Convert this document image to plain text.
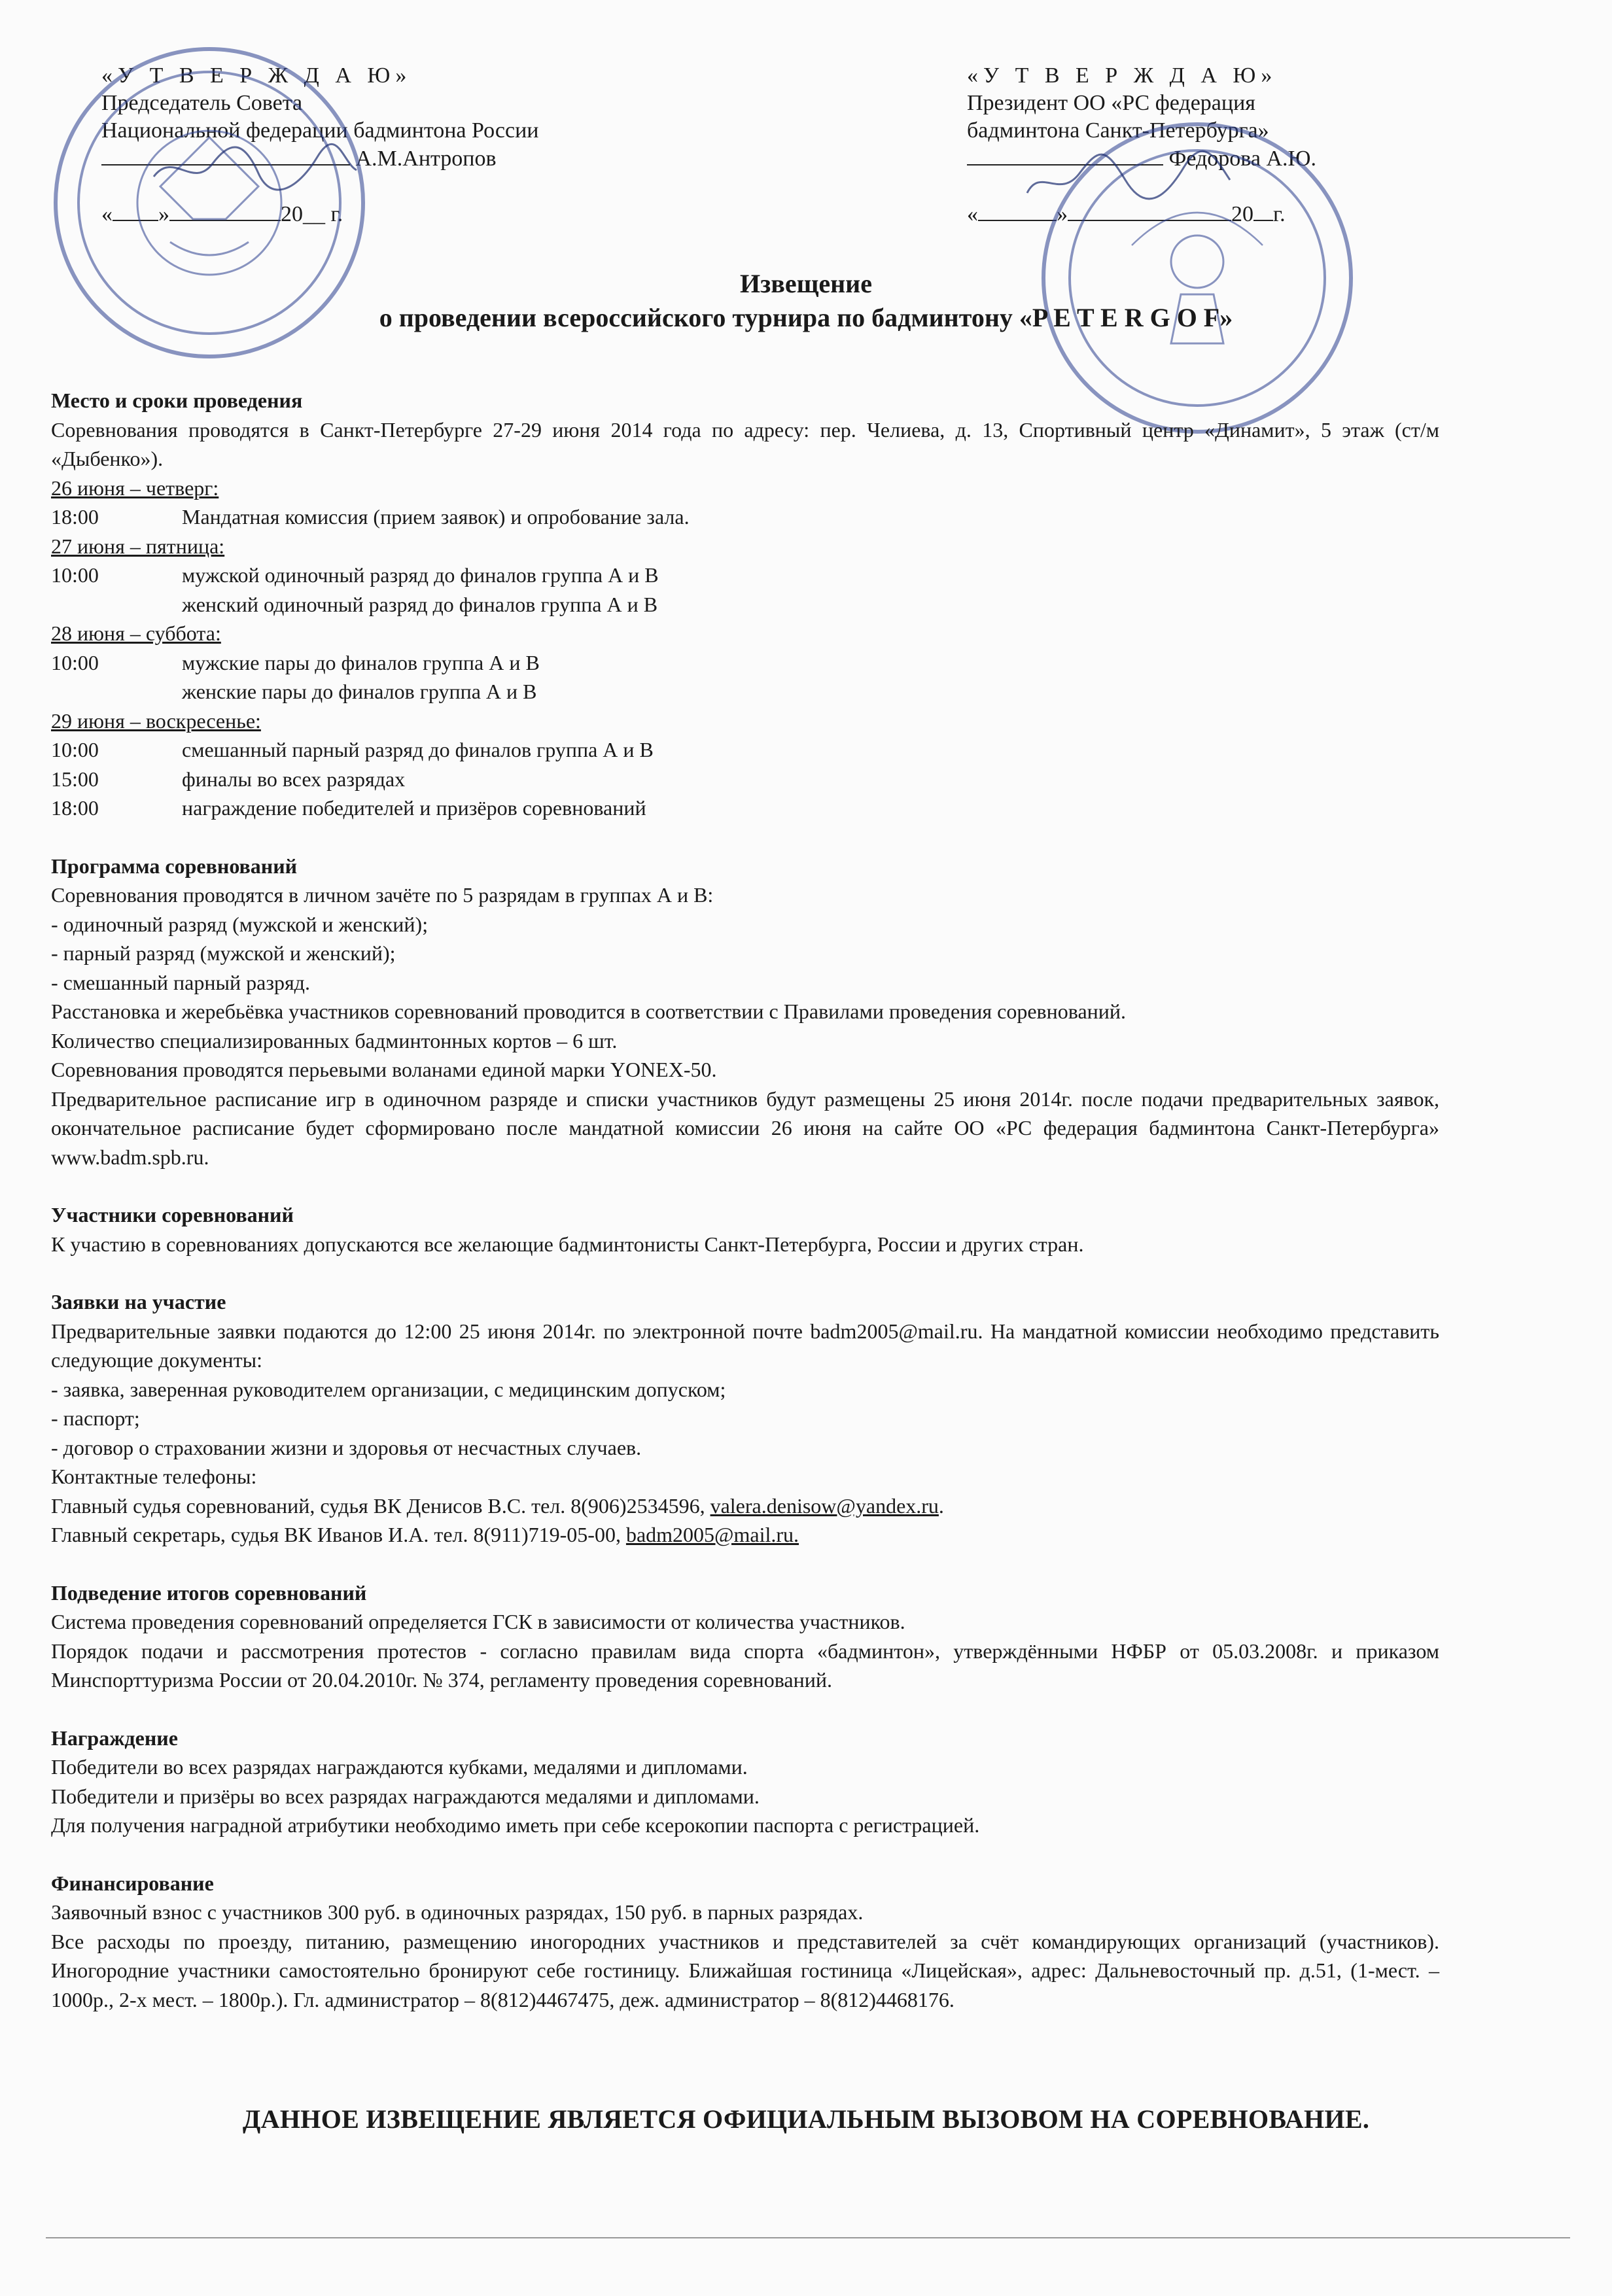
«У Т В Е Р Ж Д А Ю»
Председатель Совета
Национальной федерации бадминтона России
А.М.Антропов
« »	20__ г.
«У Т В Е Р Ж Д А Ю»
Президент ОО «РС федерация
бадминтона Санкт-Петербурга»
Федорова А.Ю.
«	»	20 г.
Извещение
о проведении всероссийского турнира по бадминтону «P E T E R G O F»

Место и сроки проведения

Соревнования проводятся в Санкт-Петербурге 27-29 июня 2014 года по адресу: пер. Челиева, д. 13, Спортивный центр «Динамит», 5 этаж (ст/м «Дыбенко»).

26 июня – четверг:

18:00	Мандатная комиссия (прием заявок) и опробование зала.

27 июня – пятница:

10:00	мужской одиночный разряд до финалов группа А и В
женский одиночный разряд до финалов группа А и В

28 июня – суббота:

10:00	мужские пары до финалов группа А и В
женские пары до финалов группа А и В

29 июня – воскресенье:

10:00	смешанный парный разряд до финалов группа А и В
15:00	финалы во всех разрядах
18:00	награждение победителей и призёров соревнований

Программа соревнований

Соревнования проводятся в личном зачёте по 5 разрядам в группах А и В:

- одиночный разряд (мужской и женский);

- парный разряд (мужской и женский);

- смешанный парный разряд.

Расстановка и жеребьёвка участников соревнований проводится в соответствии с Правилами проведения соревнований.

Количество специализированных бадминтонных кортов – 6 шт.

Соревнования проводятся перьевыми воланами единой марки YONEX-50.

Предварительное расписание игр в одиночном разряде и списки участников будут размещены 25 июня 2014г. после подачи предварительных заявок, окончательное расписание будет сформировано после мандатной комиссии 26 июня на сайте ОО «РС федерация бадминтона Санкт-Петербурга» www.badm.spb.ru.

Участники соревнований

К участию в соревнованиях допускаются все желающие бадминтонисты Санкт-Петербурга, России и других стран.

Заявки на участие

Предварительные заявки подаются до 12:00 25 июня 2014г. по электронной почте badm2005@mail.ru. На мандатной комиссии необходимо представить следующие документы:

- заявка, заверенная руководителем организации, с медицинским допуском;

- паспорт;

- договор о страховании жизни и здоровья от несчастных случаев.

Контактные телефоны:

Главный судья соревнований, судья ВК Денисов В.С. тел. 8(906)2534596, valera.denisow@yandex.ru.

Главный секретарь, судья ВК Иванов И.А. тел. 8(911)719-05-00, badm2005@mail.ru.

Подведение итогов соревнований

Система проведения соревнований определяется ГСК в зависимости от количества участников.

Порядок подачи и рассмотрения протестов - согласно правилам вида спорта «бадминтон», утверждёнными НФБР от 05.03.2008г. и приказом Минспорттуризма России от 20.04.2010г. № 374, регламенту проведения соревнований.

Награждение

Победители во всех разрядах награждаются кубками, медалями и дипломами.

Победители и призёры во всех разрядах награждаются медалями и дипломами.

Для получения наградной атрибутики необходимо иметь при себе ксерокопии паспорта с регистрацией.

Финансирование

Заявочный взнос с участников 300 руб. в одиночных разрядах, 150 руб. в парных разрядах.

Все расходы по проезду, питанию, размещению иногородних участников и представителей за счёт командирующих организаций (участников). Иногородние участники самостоятельно бронируют себе гостиницу. Ближайшая гостиница «Лицейская», адрес: Дальневосточный пр. д.51, (1-мест. – 1000р., 2-х мест. – 1800р.). Гл. администратор – 8(812)4467475, деж. администратор – 8(812)4468176.

ДАННОЕ ИЗВЕЩЕНИЕ ЯВЛЯЕТСЯ ОФИЦИАЛЬНЫМ ВЫЗОВОМ НА СОРЕВНОВАНИЕ.
